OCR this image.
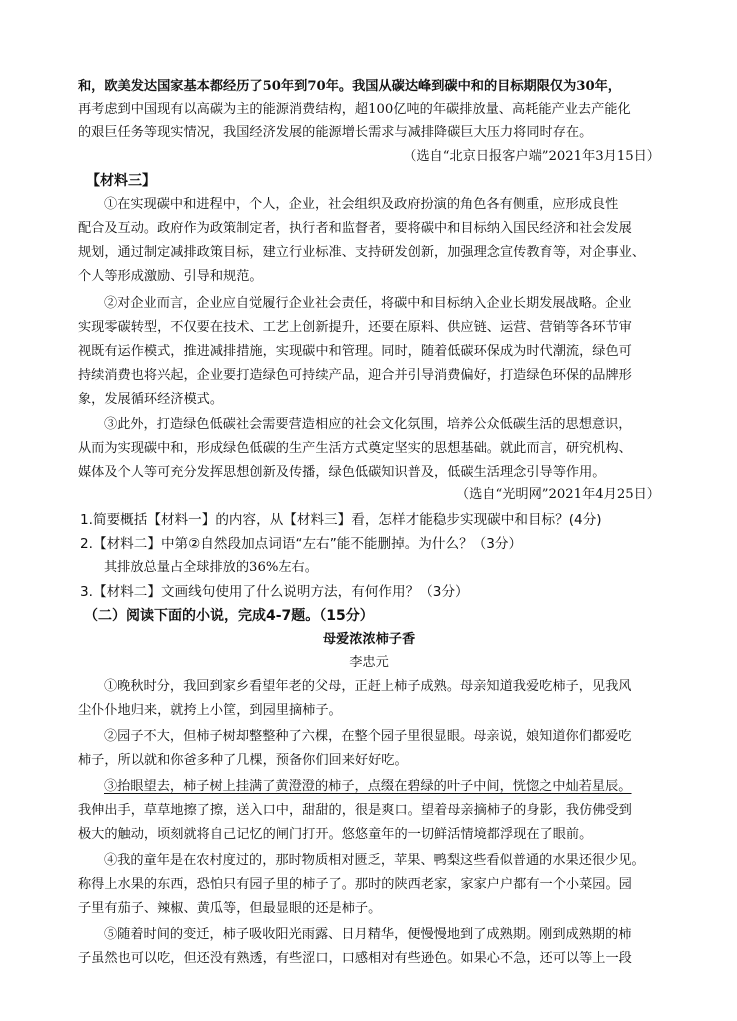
和，欧美发达国家基本都经历了50年到70年。我国从碳达峰到碳中和的目标期限仅为30年，

再考虑到中国现有以高碳为主的能源消费结构，超100亿吨的年碳排放量、高耗能产业去产能化

的艰巨任务等现实情况，我国经济发展的能源增长需求与减排降碳巨大压力将同时存在。

（选自“北京日报客户端”2021年3月15日）

【材料三】

①在实现碳中和进程中，个人，企业，社会组织及政府扮演的角色各有侧重，应形成良性

配合及互动。政府作为政策制定者，执行者和监督者，要将碳中和目标纳入国民经济和社会发展

规划，通过制定减排政策目标，建立行业标准、支持研发创新，加强理念宣传教育等，对企事业、

个人等形成激励、引导和规范。

②对企业而言，企业应自觉履行企业社会责任，将碳中和目标纳入企业长期发展战略。企业

实现零碳转型，不仅要在技术、工艺上创新提升，还要在原料、供应链、运营、营销等各环节审

视既有运作模式，推进减排措施，实现碳中和管理。同时，随着低碳环保成为时代潮流，绿色可

持续消费也将兴起，企业要打造绿色可持续产品，迎合并引导消费偏好，打造绿色环保的品牌形

象，发展循环经济模式。

③此外，打造绿色低碳社会需要营造相应的社会文化氛围，培养公众低碳生活的思想意识，

从而为实现碳中和，形成绿色低碳的生产生活方式奠定坚实的思想基础。就此而言，研究机构、

媒体及个人等可充分发挥思想创新及传播，绿色低碳知识普及，低碳生活理念引导等作用。

（选自“光明网”2021年4月25日）

1.简要概括【材料一】的内容，从【材料三】看，怎样才能稳步实现碳中和目标？(4分)

2.【材料二】中第②自然段加点词语“左右”能不能删掉。为什么？（3分）

其排放总量占全球排放的36%左右。

3.【材料二】文画线句使用了什么说明方法，有何作用？（3分）

（二）阅读下面的小说，完成4-7题。（15分）

母爱浓浓柿子香

李忠元

①晚秋时分，我回到家乡看望年老的父母，正赶上柿子成熟。母亲知道我爱吃柿子，见我风

尘仆仆地归来，就挎上小筐，到园里摘柿子。

②园子不大，但柿子树却整整种了六棵，在整个园子里很显眼。母亲说，娘知道你们都爱吃

柿子，所以就和你爸多种了几棵，预备你们回来好好吃。

③抬眼望去，柿子树上挂满了黄澄澄的柿子，点缀在碧绿的叶子中间，恍惚之中灿若星辰。

我伸出手，草草地擦了擦，送入口中，甜甜的，很是爽口。望着母亲摘柿子的身影，我仿佛受到

极大的触动，顷刻就将自己记忆的闸门打开。悠悠童年的一切鲜活情境都浮现在了眼前。

④我的童年是在农村度过的，那时物质相对匮乏，苹果、鸭梨这些看似普通的水果还很少见。

称得上水果的东西，恐怕只有园子里的柿子了。那时的陕西老家，家家户户都有一个小菜园。园

子里有茄子、辣椒、黄瓜等，但最显眼的还是柿子。

⑤随着时间的变迁，柿子吸收阳光雨露、日月精华，便慢慢地到了成熟期。刚到成熟期的柿

子虽然也可以吃，但还没有熟透，有些涩口，口感相对有些逊色。如果心不急，还可以等上一段
